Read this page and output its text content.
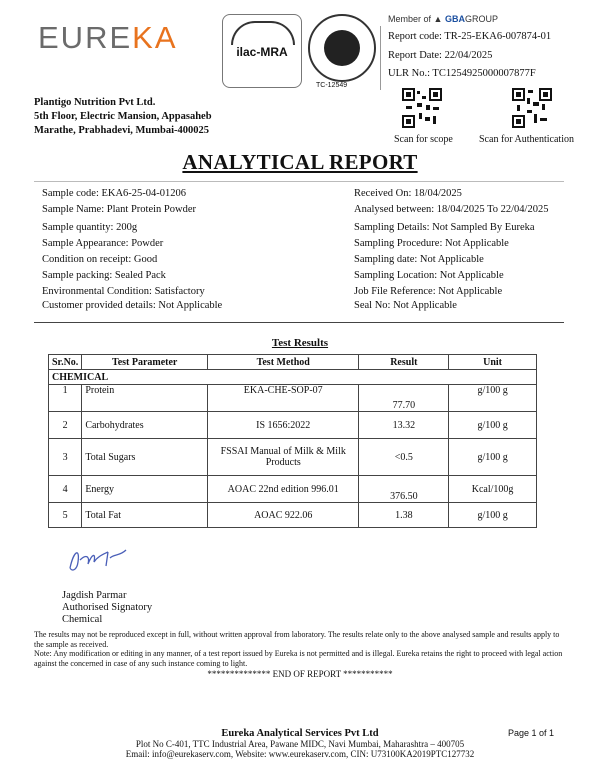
EUREKA	ilac-MRA
TC-12549
Member of ▲ GBAGROUP
Report code: TR-25-EKA6-007874-01
Report Date: 22/04/2025
ULR No.: TC1254925000007877F
Plantigo Nutrition Pvt Ltd.
5th Floor, Electric Mansion, Appasaheb
Marathe, Prabhadevi, Mumbai-400025
Scan for scope	Scan for Authentication
ANALYTICAL REPORT
Sample code: EKA6-25-04-01206
Sample Name: Plant Protein Powder
Sample quantity: 200g
Sample Appearance: Powder
Condition on receipt: Good
Sample packing: Sealed Pack
Environmental Condition: Satisfactory
Customer provided details: Not Applicable
Received On: 18/04/2025
Analysed between: 18/04/2025 To 22/04/2025
Sampling Details: Not Sampled By Eureka
Sampling Procedure: Not Applicable
Sampling date: Not Applicable
Sampling Location: Not Applicable
Job File Reference: Not Applicable
Seal No: Not Applicable
Test Results
Sr.No.	Test Parameter	Test Method	Result	Unit
CHEMICAL				
1	Protein	EKA-CHE-SOP-07	77.70	g/100 g
2	Carbohydrates	IS 1656:2022	13.32	g/100 g
3	Total Sugars	FSSAI Manual of Milk & Milk Products	<0.5	g/100 g
4	Energy	AOAC 22nd edition 996.01	376.50	Kcal/100g
5	Total Fat	AOAC 922.06	1.38	g/100 g
Jagdish Parmar
Authorised Signatory
Chemical
The results may not be reproduced except in full, without written approval from laboratory. The results relate only to the above analysed sample and results apply to the sample as received.
Note: Any modification or editing in any manner, of a test report issued by Eureka is not permitted and is illegal. Eureka retains the right to proceed with legal action against the concerned in case of any such instance coming to light.
************** END OF REPORT ***********
Eureka Analytical Services Pvt Ltd
Plot No C-401, TTC Industrial Area, Pawane MIDC, Navi Mumbai, Maharashtra – 400705
Email: info@eurekaserv.com, Website: www.eurekaserv.com, CIN: U73100KA2019PTC127732
Page 1 of 1
